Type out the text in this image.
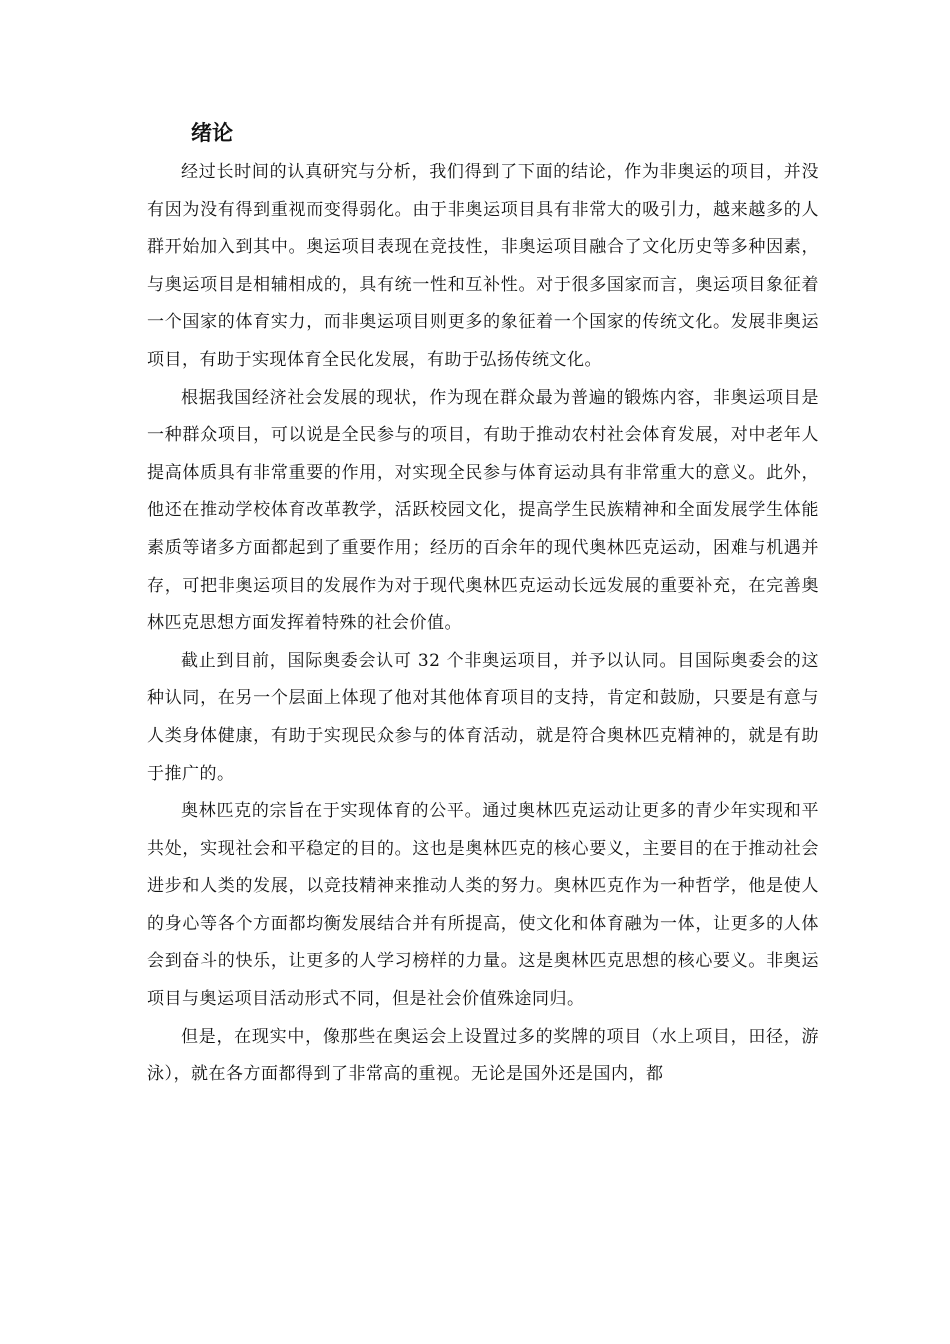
绪论

经过长时间的认真研究与分析，我们得到了下面的结论，作为非奥运的项目，并没有因为没有得到重视而变得弱化。由于非奥运项目具有非常大的吸引力，越来越多的人群开始加入到其中。奥运项目表现在竞技性，非奥运项目融合了文化历史等多种因素，与奥运项目是相辅相成的，具有统一性和互补性。对于很多国家而言，奥运项目象征着一个国家的体育实力，而非奥运项目则更多的象征着一个国家的传统文化。发展非奥运项目，有助于实现体育全民化发展，有助于弘扬传统文化。

根据我国经济社会发展的现状，作为现在群众最为普遍的锻炼内容，非奥运项目是一种群众项目，可以说是全民参与的项目，有助于推动农村社会体育发展，对中老年人提高体质具有非常重要的作用，对实现全民参与体育运动具有非常重大的意义。此外，他还在推动学校体育改革教学，活跃校园文化，提高学生民族精神和全面发展学生体能素质等诸多方面都起到了重要作用；经历的百余年的现代奥林匹克运动，困难与机遇并存，可把非奥运项目的发展作为对于现代奥林匹克运动长远发展的重要补充，在完善奥林匹克思想方面发挥着特殊的社会价值。

截止到目前，国际奥委会认可 32 个非奥运项目，并予以认同。目国际奥委会的这种认同，在另一个层面上体现了他对其他体育项目的支持，肯定和鼓励，只要是有意与人类身体健康，有助于实现民众参与的体育活动，就是符合奥林匹克精神的，就是有助于推广的。

奥林匹克的宗旨在于实现体育的公平。通过奥林匹克运动让更多的青少年实现和平共处，实现社会和平稳定的目的。这也是奥林匹克的核心要义，主要目的在于推动社会进步和人类的发展，以竞技精神来推动人类的努力。奥林匹克作为一种哲学，他是使人的身心等各个方面都均衡发展结合并有所提高，使文化和体育融为一体，让更多的人体会到奋斗的快乐，让更多的人学习榜样的力量。这是奥林匹克思想的核心要义。非奥运项目与奥运项目活动形式不同，但是社会价值殊途同归。

但是，在现实中，像那些在奥运会上设置过多的奖牌的项目（水上项目，田径，游泳），就在各方面都得到了非常高的重视。无论是国外还是国内，都
